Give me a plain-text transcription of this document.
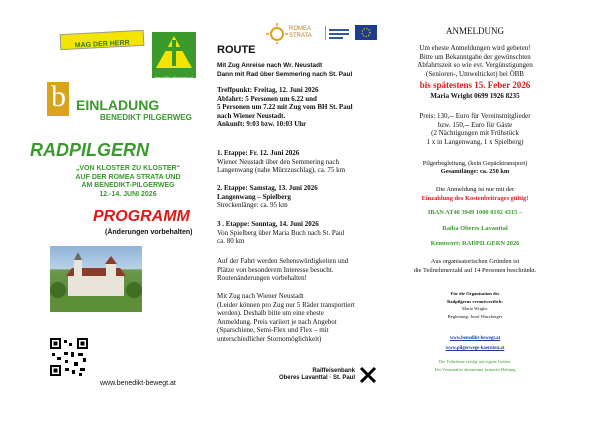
MAG DER HERR
benedikt-pilgerweg.at
b EINLADUNG
BENEDIKT PILGERWEG
RADPILGERN

„VON KLOSTER ZU KLOSTER“

AUF DER ROMEA STRATA UND

AM BENEDIKT-PILGERWEG

12.-14. JUNI 2026

PROGRAMM
(Änderungen vorbehalten)
www.benedikt-bewegt.at
ROMEA STRATA
ROUTE

Mit Zug Anreise nach Wr. Neustadt

Dann mit Rad über Semmering nach St. Paul

Treffpunkt: Freitag, 12. Juni 2026

Abfahrt: 5 Personen um 6.22 und

5 Personen um 7.22 mit Zug vom BH St. Paul

nach Wiener Neustadt.

Ankunft: 9:03 bzw. 10:03 Uhr

1. Etappe: Fr. 12. Juni 2026

Wiener Neustadt über den Semmering nach

Langenwang (nahe Mürzzuschlag), ca. 75 km

2. Etappe: Samstag, 13. Juni 2026

Langenwang – Spielberg

Streckenlänge: ca. 95 km

3 . Etappe: Sonntag, 14. Juni 2026

Von Spielberg über Maria Buch nach St. Paul

ca. 80 km

Auf der Fahrt werden Sehenswürdigkeiten und

Plätze von besonderem Interesse besucht.

Routenänderungen vorbehalten!

Mit Zug nach Wiener Neustadt

(Leider können pro Zug nur 5 Räder transportiert

werden). Deshalb bitte um eine eheste

Anmeldung. Preis variiert je nach Angebot

(Sparschiene, Semi-Flex und Flex – mit

unterschiedlicher Stornomöglichkeit)

Raiffeisenbank

Oberes Lavanttal · St. Paul

ANMELDUNG

Um eheste Anmeldungen wird gebeten!

Bitte um Bekanntgabe der gewünschten

Abfahrtszeit so wie evt. Vergünstigungen

(Senioren-, Umwelticket) bei ÖBB

bis spätestens 15. Feber 2026
Maria Wright 0699 1926 8235

Preis: 130,-- Euro für Vereinsmitglieder

bzw. 150,-- Euro für Gäste

(2 Nächtigungen mit Frühstück

1 x in Langenwang, 1 x Spielberg)

Pilgerbegleitung, (kein Gepäcktransport)

Gesamtlänge: ca. 250 km

Die Anmeldung ist nur mit der

Einzahlung des Kostenbeitrages gültig!

IBAN AT40 3949 1000 0192 4315 –
Raiba Oberes Lavanttal
Kennwort: RADPILGERN 2026

Aus organisatorischen Gründen ist

die Teilnehmerzahl auf 14 Personen beschränkt.

Für die Organisation des

Radpilgerns verantwortlich:

Maria Wright.

Begleitung: Josef Wurzberger

www.benedikt-bewegt.at

www.pilgerwege-kaernten.at

Die Teilnahme erfolgt auf eigene Gefahr.

Der Veranstalter übernimmt keinerlei Haftung
